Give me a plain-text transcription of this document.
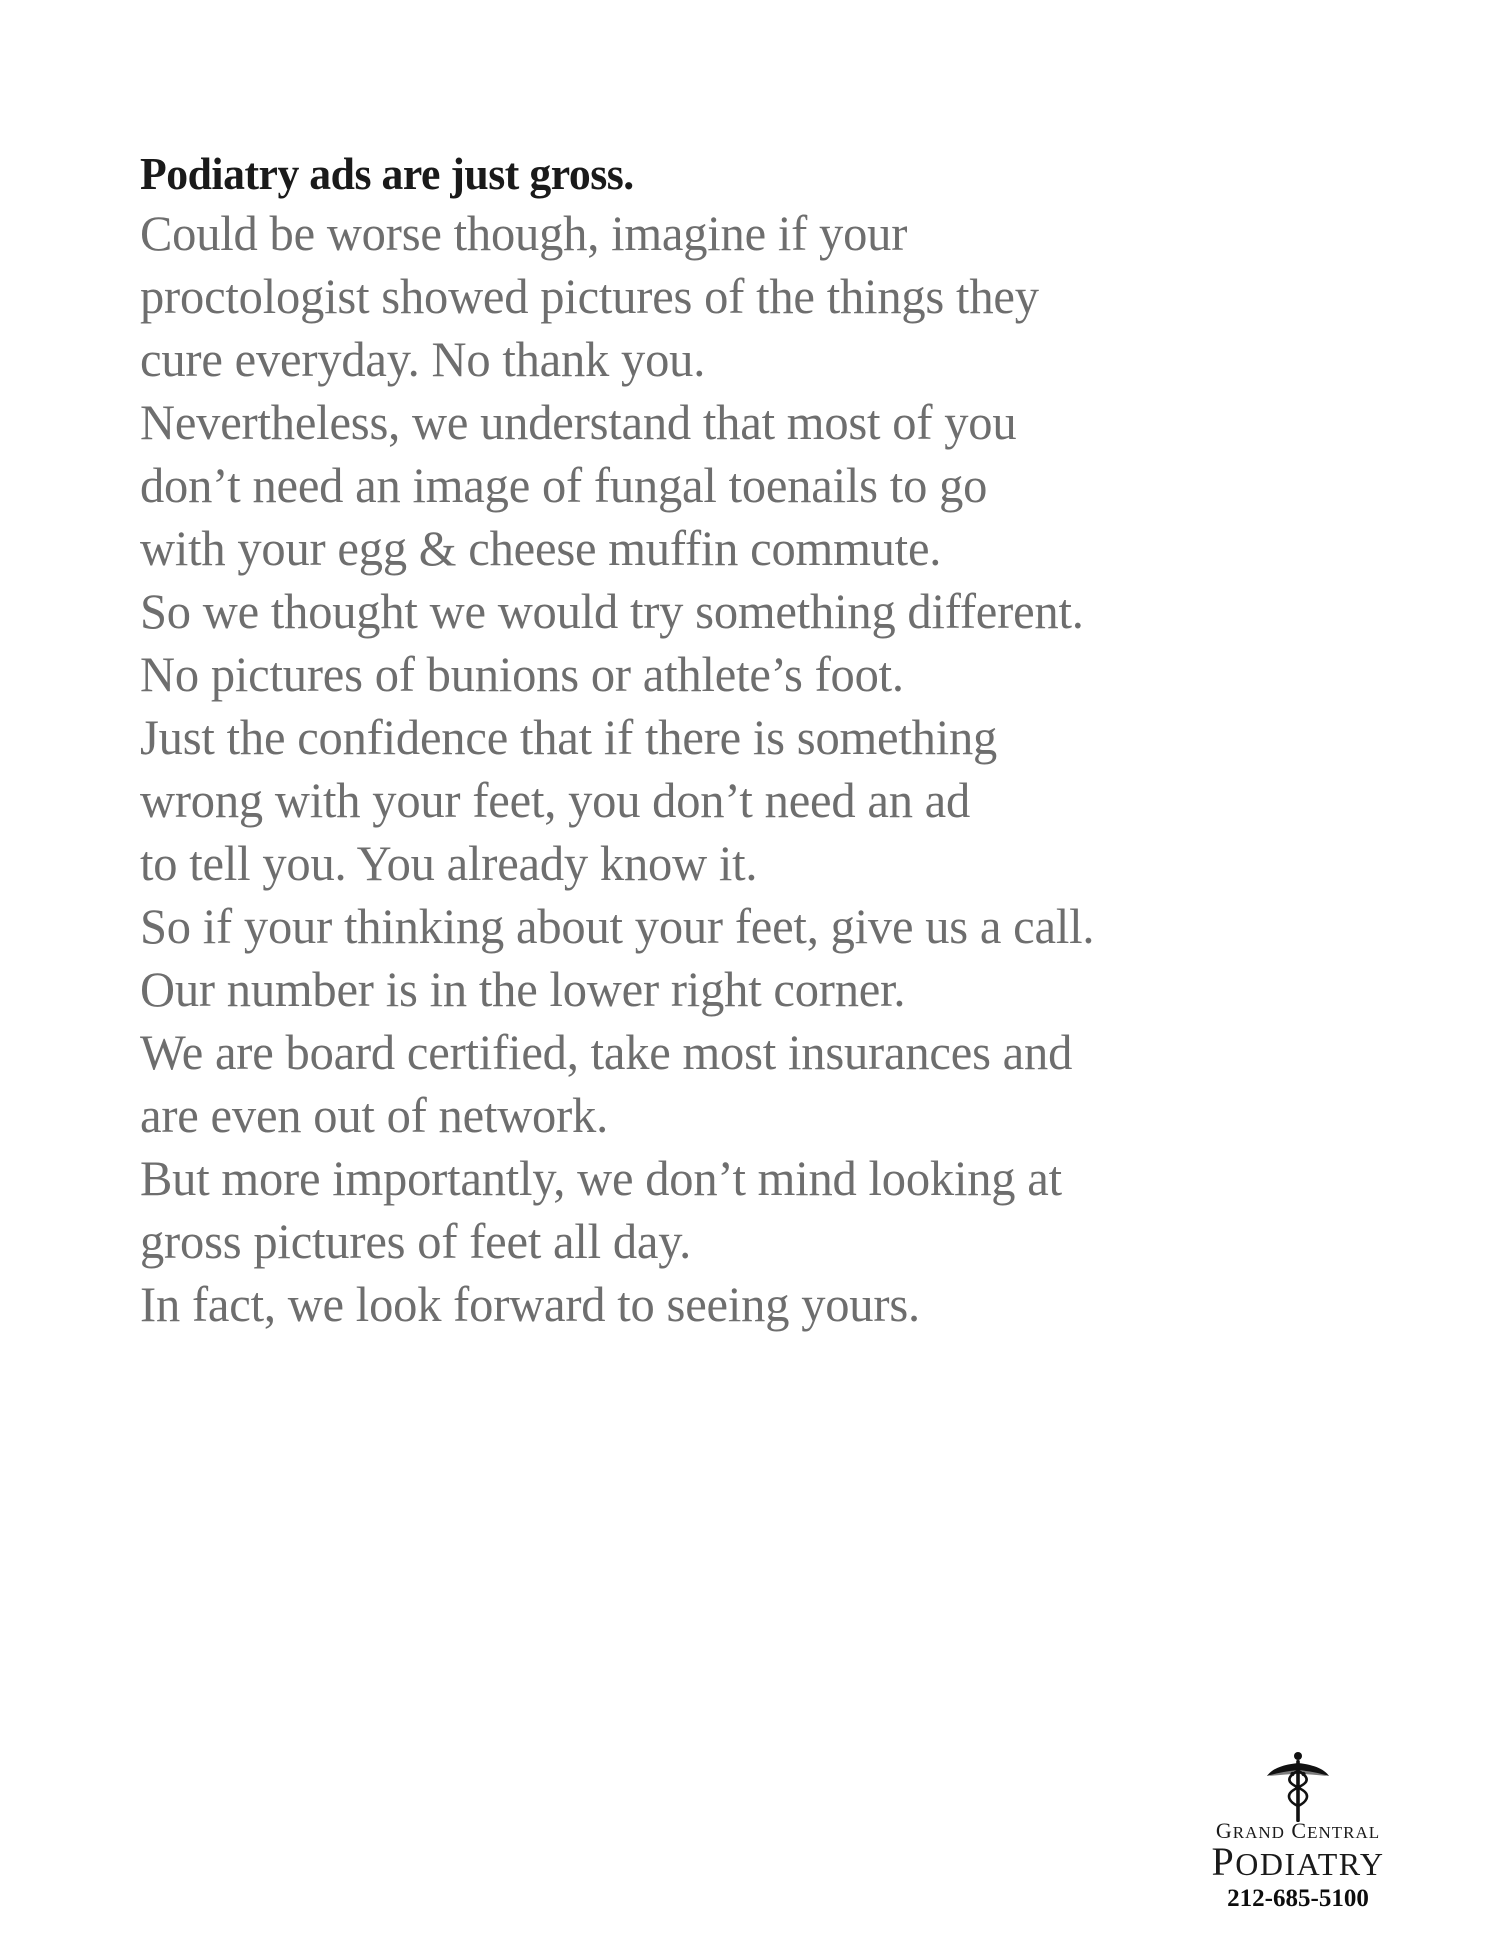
Podiatry ads are just gross.
Could be worse though, imagine if your
proctologist showed pictures of the things they
cure everyday. No thank you.
Nevertheless, we understand that most of you
don’t need an image of fungal toenails to go
with your egg & cheese muffin commute.
So we thought we would try something different.
No pictures of bunions or athlete’s foot.
Just the confidence that if there is something
wrong with your feet, you don’t need an ad
to tell you. You already know it.
So if your thinking about your feet, give us a call.
Our number is in the lower right corner.
We are board certified, take most insurances and
are even out of network.
But more importantly, we don’t mind looking at
gross pictures of feet all day.
In fact, we look forward to seeing yours.
GRAND CENTRAL
PODIATRY
212-685-5100
